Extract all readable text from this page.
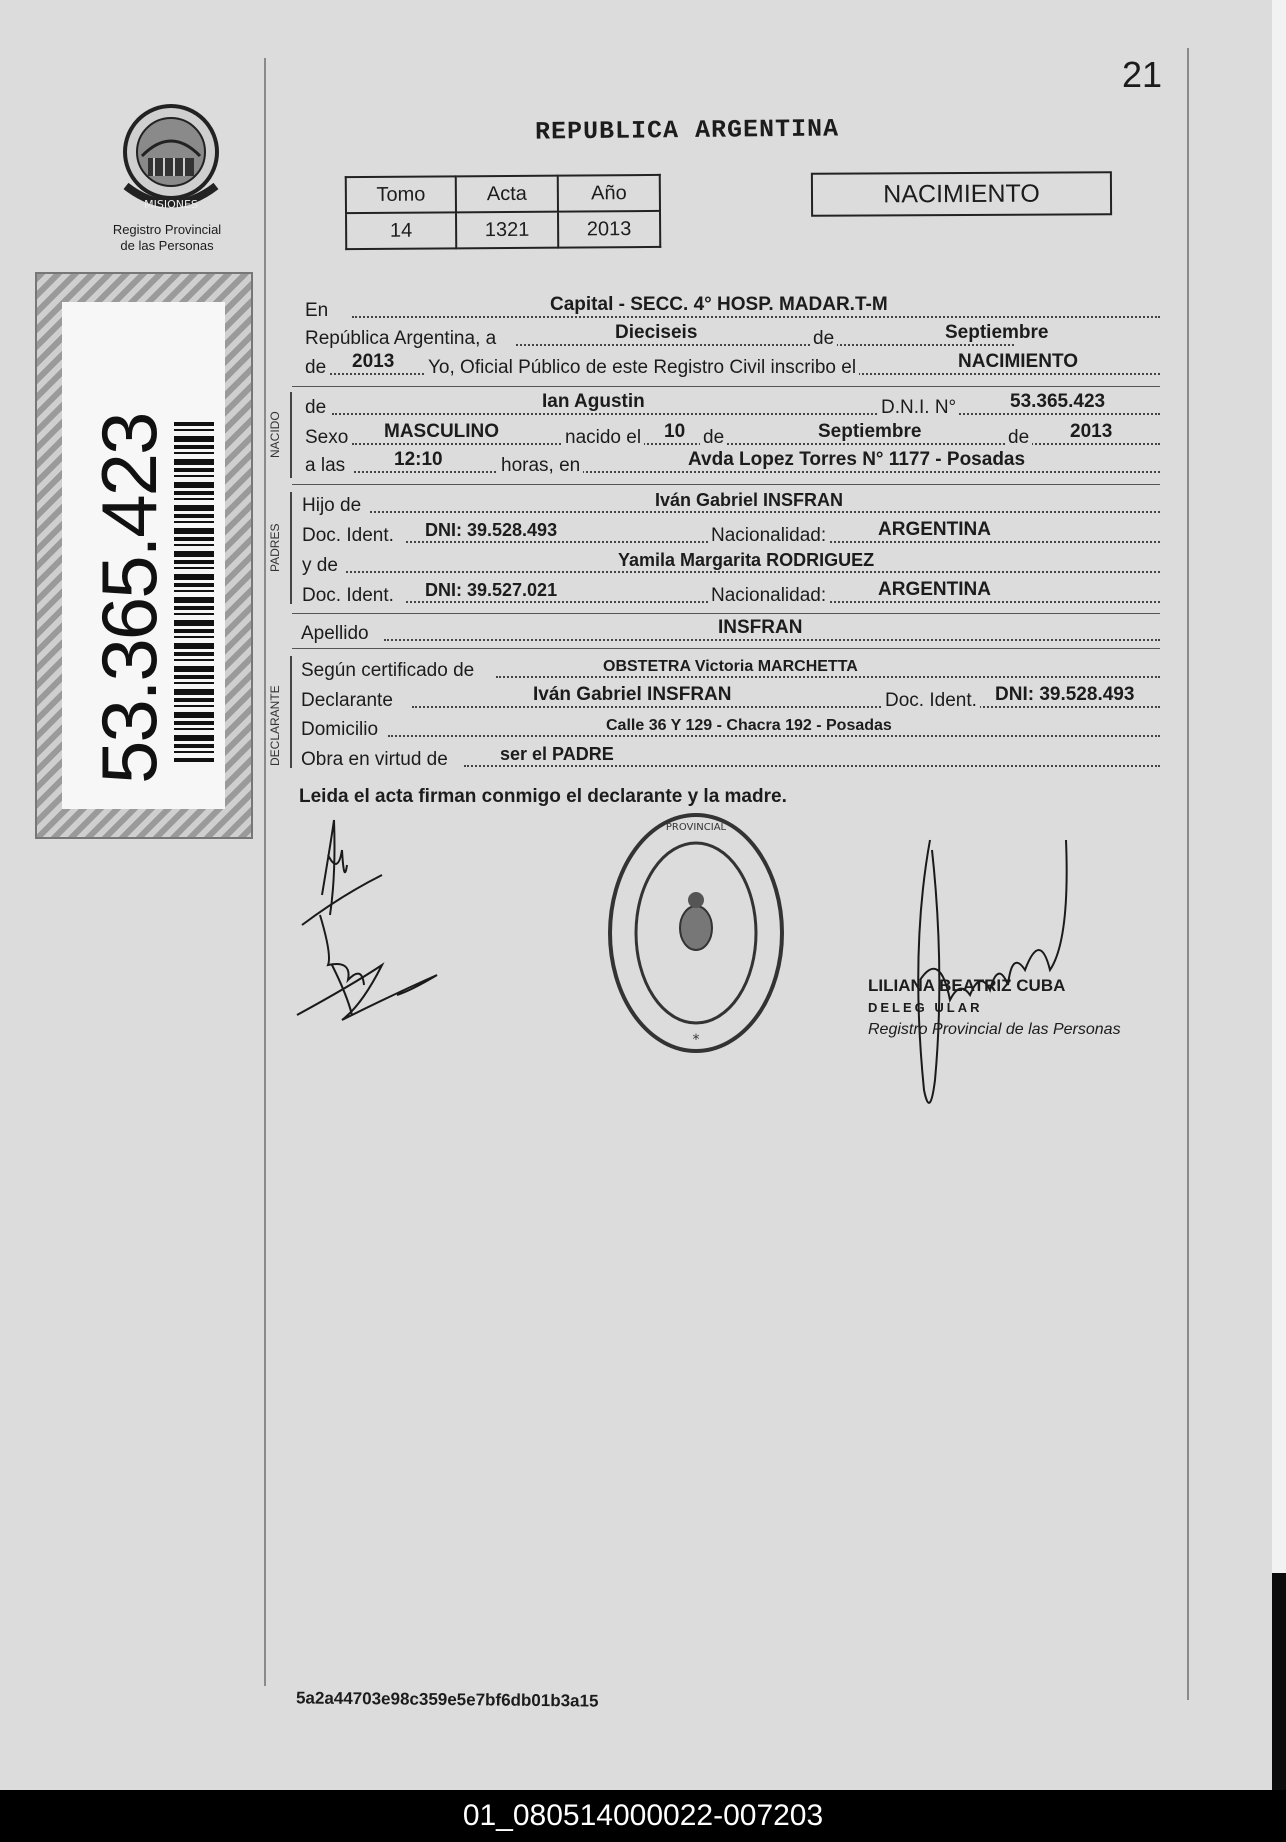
21
MISIONES
Registro Provincial
de las Personas
53.365.423
REPUBLICA ARGENTINA
Tomo	Acta	Año
14	1321	2013
NACIMIENTO
En	Capital - SECC. 4° HOSP. MADAR.T-M
República Argentina, a	Dieciseis	de	Septiembre
de 2013 Yo, Oficial Público de este Registro Civil inscribo el	NACIMIENTO
NACIDO
de	Ian Agustin	D.N.I. N°	53.365.423
Sexo MASCULINO	nacido el 10 de	Septiembre	de 2013
a las	12:10	horas, en	Avda Lopez Torres N° 1177 - Posadas
PADRES
Hijo de	Iván Gabriel INSFRAN
Doc. Ident. DNI: 39.528.493	Nacionalidad:	ARGENTINA
y de	Yamila Margarita RODRIGUEZ
Doc. Ident. DNI: 39.527.021	Nacionalidad:	ARGENTINA
Apellido	INSFRAN
DECLARANTE
Según certificado de	OBSTETRA Victoria MARCHETTA
Declarante	Iván Gabriel INSFRAN	Doc. Ident. DNI: 39.528.493
Domicilio	Calle 36 Y 129 - Chacra 192 - Posadas
Obra en virtud de	ser el PADRE
Leida el acta firman conmigo el declarante y la madre.
PROVINCIAL
*
LILIANA BEATRIZ CUBA
DELEG ULAR
Registro Provincial de las Personas
5a2a44703e98c359e5e7bf6db01b3a15
01_080514000022-007203
